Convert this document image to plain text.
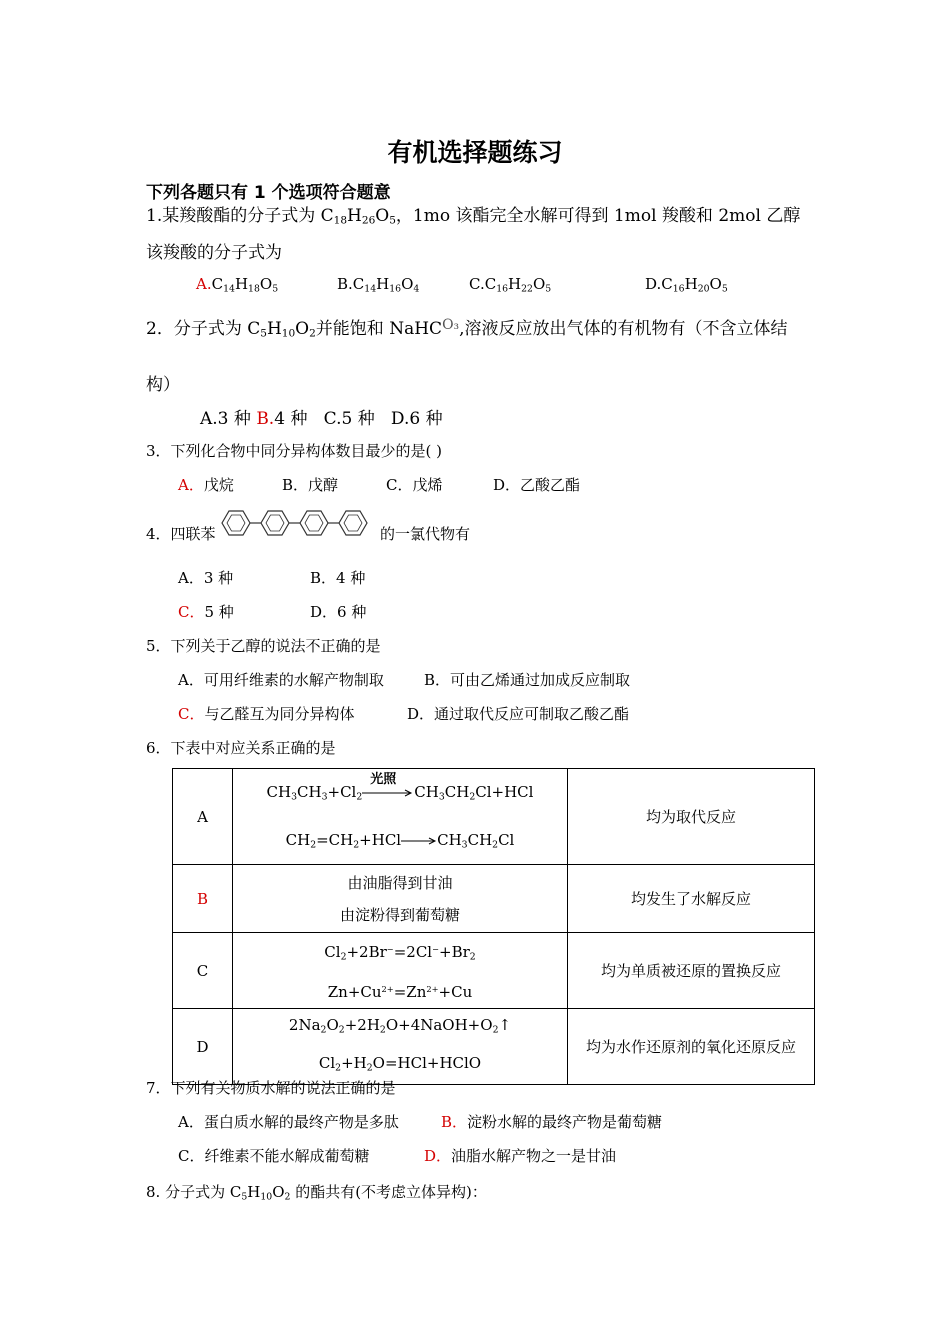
有机选择题练习
下列各题只有 1 个选项符合题意
1.某羧酸酯的分子式为 $C_{18}H_{26}O_5$，1mo 该酯完全水解可得到 1mol 羧酸和 2mol 乙醇
该羧酸的分子式为
$A.C_{14}H_{18}O_5$	$B.C_{14}H_{16}O_4$	$C.C_{16}H_{22}O_5$	$D.C_{16}H_{20}O_5$
2．分子式为 $C_5H_{10}O_2$并能饱和 NaHC$^{O_3}$,溶液反应放出气体的有机物有（不含立体结
构）
A.3 种 B.4 种 C.5 种 D.6 种
3．下列化合物中同分异构体数目最少的是( )
A．戊烷	B．戊醇	C．戊烯	D．乙酸乙酯
4．四联苯	的一氯代物有
A．3 种	B．4 种
C．5 种	D．6 种
5．下列关于乙醇的说法不正确的是
A．可用纤维素的水解产物制取	B．可由乙烯通过加成反应制取
C．与乙醛互为同分异构体	D．通过取代反应可制取乙酸乙酯
6．下表中对应关系正确的是
A	$CH_3CH_3+Cl_2$
光照
$CH_3CH_2Cl+HCl$
$CH_2=CH_2+HCl \to CH_3CH_2Cl$	均为取代反应
B	由油脂得到甘油
由淀粉得到葡萄糖	均发生了水解反应
C	$Cl_2+2Br^-=2Cl^-+Br_2$
$Zn+Cu^{2+}=Zn^{2+}+Cu$	均为单质被还原的置换反应
D	$2Na_2O_2+2H_2O+4NaOH+O_2↑$
$Cl_2+H_2O=HCl+HClO$	均为水作还原剂的氧化还原反应
7．下列有关物质水解的说法正确的是
A．蛋白质水解的最终产物是多肽	B．淀粉水解的最终产物是葡萄糖
C．纤维素不能水解成葡萄糖	D．油脂水解产物之一是甘油
8. 分子式为 $C_5H_{10}O_2$ 的酯共有(不考虑立体异构)：
